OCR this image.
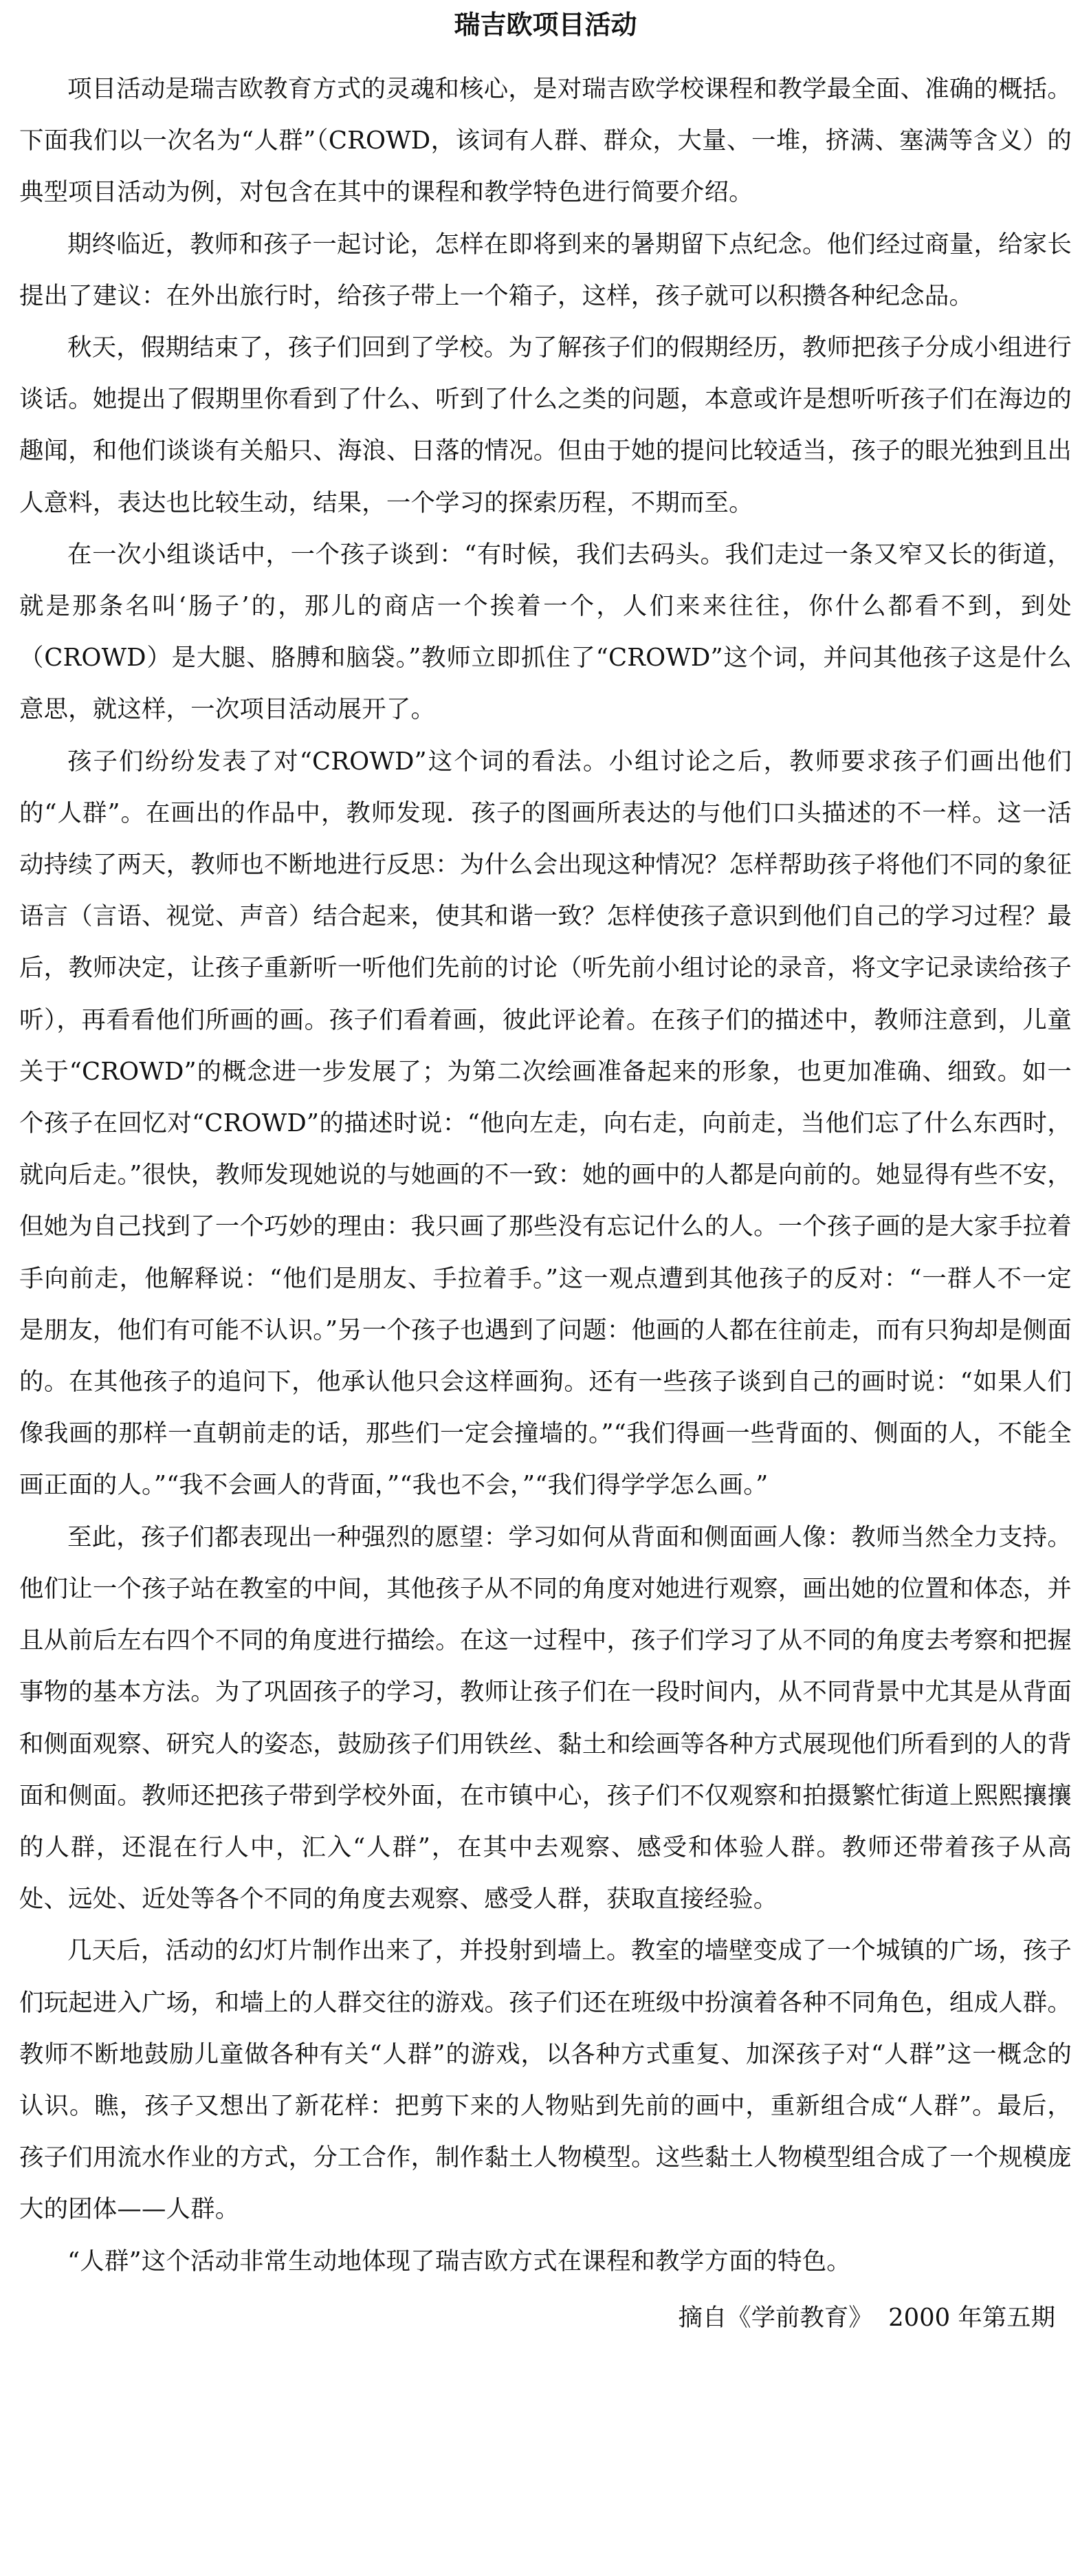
瑞吉欧项目活动

项目活动是瑞吉欧教育方式的灵魂和核心，是对瑞吉欧学校课程和教学最全面、准确的概括。下面我们以一次名为“人群”（CROWD，该词有人群、群众，大量、一堆，挤满、塞满等含义）的典型项目活动为例，对包含在其中的课程和教学特色进行简要介绍。

期终临近，教师和孩子一起讨论，怎样在即将到来的暑期留下点纪念。他们经过商量，给家长提出了建议：在外出旅行时，给孩子带上一个箱子，这样，孩子就可以积攒各种纪念品。

秋天，假期结束了，孩子们回到了学校。为了解孩子们的假期经历，教师把孩子分成小组进行谈话。她提出了假期里你看到了什么、听到了什么之类的问题，本意或许是想听听孩子们在海边的趣闻，和他们谈谈有关船只、海浪、日落的情况。但由于她的提问比较适当，孩子的眼光独到且出人意料，表达也比较生动，结果，一个学习的探索历程，不期而至。

在一次小组谈话中，一个孩子谈到：“有时候，我们去码头。我们走过一条又窄又长的街道，就是那条名叫‘肠子’的，那儿的商店一个挨着一个，人们来来往往，你什么都看不到，到处（CROWD）是大腿、胳膊和脑袋。”教师立即抓住了“CROWD”这个词，并问其他孩子这是什么意思，就这样，一次项目活动展开了。

孩子们纷纷发表了对“CROWD”这个词的看法。小组讨论之后，教师要求孩子们画出他们的“人群”。在画出的作品中，教师发现．孩子的图画所表达的与他们口头描述的不一样。这一活动持续了两天，教师也不断地进行反思：为什么会出现这种情况？怎样帮助孩子将他们不同的象征语言（言语、视觉、声音）结合起来，使其和谐一致？怎样使孩子意识到他们自己的学习过程？最后，教师决定，让孩子重新听一听他们先前的讨论（听先前小组讨论的录音，将文字记录读给孩子听），再看看他们所画的画。孩子们看着画，彼此评论着。在孩子们的描述中，教师注意到，儿童关于“CROWD”的概念进一步发展了；为第二次绘画准备起来的形象，也更加准确、细致。如一个孩子在回忆对“CROWD”的描述时说：“他向左走，向右走，向前走，当他们忘了什么东西时，就向后走。”很快，教师发现她说的与她画的不一致：她的画中的人都是向前的。她显得有些不安，但她为自己找到了一个巧妙的理由：我只画了那些没有忘记什么的人。一个孩子画的是大家手拉着手向前走，他解释说：“他们是朋友、手拉着手。”这一观点遭到其他孩子的反对：“一群人不一定是朋友，他们有可能不认识。”另一个孩子也遇到了问题：他画的人都在往前走，而有只狗却是侧面的。在其他孩子的追问下，他承认他只会这样画狗。还有一些孩子谈到自己的画时说：“如果人们像我画的那样一直朝前走的话，那些们一定会撞墙的。”“我们得画一些背面的、侧面的人，不能全画正面的人。”“我不会画人的背面，”“我也不会，”“我们得学学怎么画。”

至此，孩子们都表现出一种强烈的愿望：学习如何从背面和侧面画人像：教师当然全力支持。他们让一个孩子站在教室的中间，其他孩子从不同的角度对她进行观察，画出她的位置和体态，并且从前后左右四个不同的角度进行描绘。在这一过程中，孩子们学习了从不同的角度去考察和把握事物的基本方法。为了巩固孩子的学习，教师让孩子们在一段时间内，从不同背景中尤其是从背面和侧面观察、研究人的姿态，鼓励孩子们用铁丝、黏土和绘画等各种方式展现他们所看到的人的背面和侧面。教师还把孩子带到学校外面，在市镇中心，孩子们不仅观察和拍摄繁忙街道上熙熙攘攘的人群，还混在行人中，汇入“人群”，在其中去观察、感受和体验人群。教师还带着孩子从高处、远处、近处等各个不同的角度去观察、感受人群，获取直接经验。

几天后，活动的幻灯片制作出来了，并投射到墙上。教室的墙壁变成了一个城镇的广场，孩子们玩起进入广场，和墙上的人群交往的游戏。孩子们还在班级中扮演着各种不同角色，组成人群。教师不断地鼓励儿童做各种有关“人群”的游戏，以各种方式重复、加深孩子对“人群”这一概念的认识。瞧，孩子又想出了新花样：把剪下来的人物贴到先前的画中，重新组合成“人群”。最后，孩子们用流水作业的方式，分工合作，制作黏土人物模型。这些黏土人物模型组合成了一个规模庞大的团体——人群。

“人群”这个活动非常生动地体现了瑞吉欧方式在课程和教学方面的特色。

摘自《学前教育》  2000 年第五期
